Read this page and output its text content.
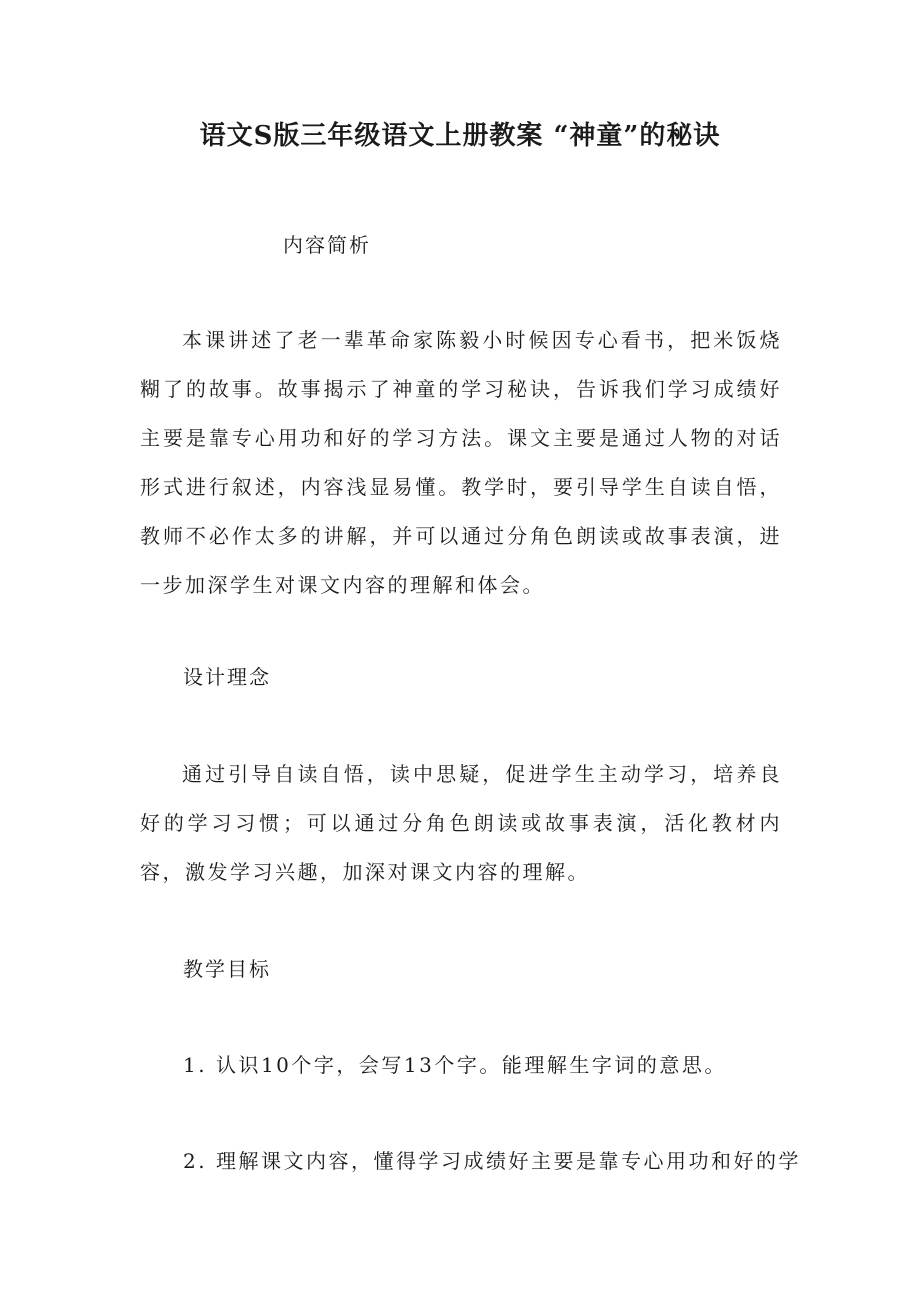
语文S版三年级语文上册教案 “神童”的秘诀
内容简析

本课讲述了老一辈革命家陈毅小时候因专心看书，把米饭烧糊了的故事。故事揭示了神童的学习秘诀，告诉我们学习成绩好主要是靠专心用功和好的学习方法。课文主要是通过人物的对话形式进行叙述，内容浅显易懂。教学时，要引导学生自读自悟，教师不必作太多的讲解，并可以通过分角色朗读或故事表演，进一步加深学生对课文内容的理解和体会。

设计理念

通过引导自读自悟，读中思疑，促进学生主动学习，培养良好的学习习惯；可以通过分角色朗读或故事表演，活化教材内容，激发学习兴趣，加深对课文内容的理解。

教学目标
1. 认识10个字，会写13个字。能理解生字词的意思。
2. 理解课文内容，懂得学习成绩好主要是靠专心用功和好的学
